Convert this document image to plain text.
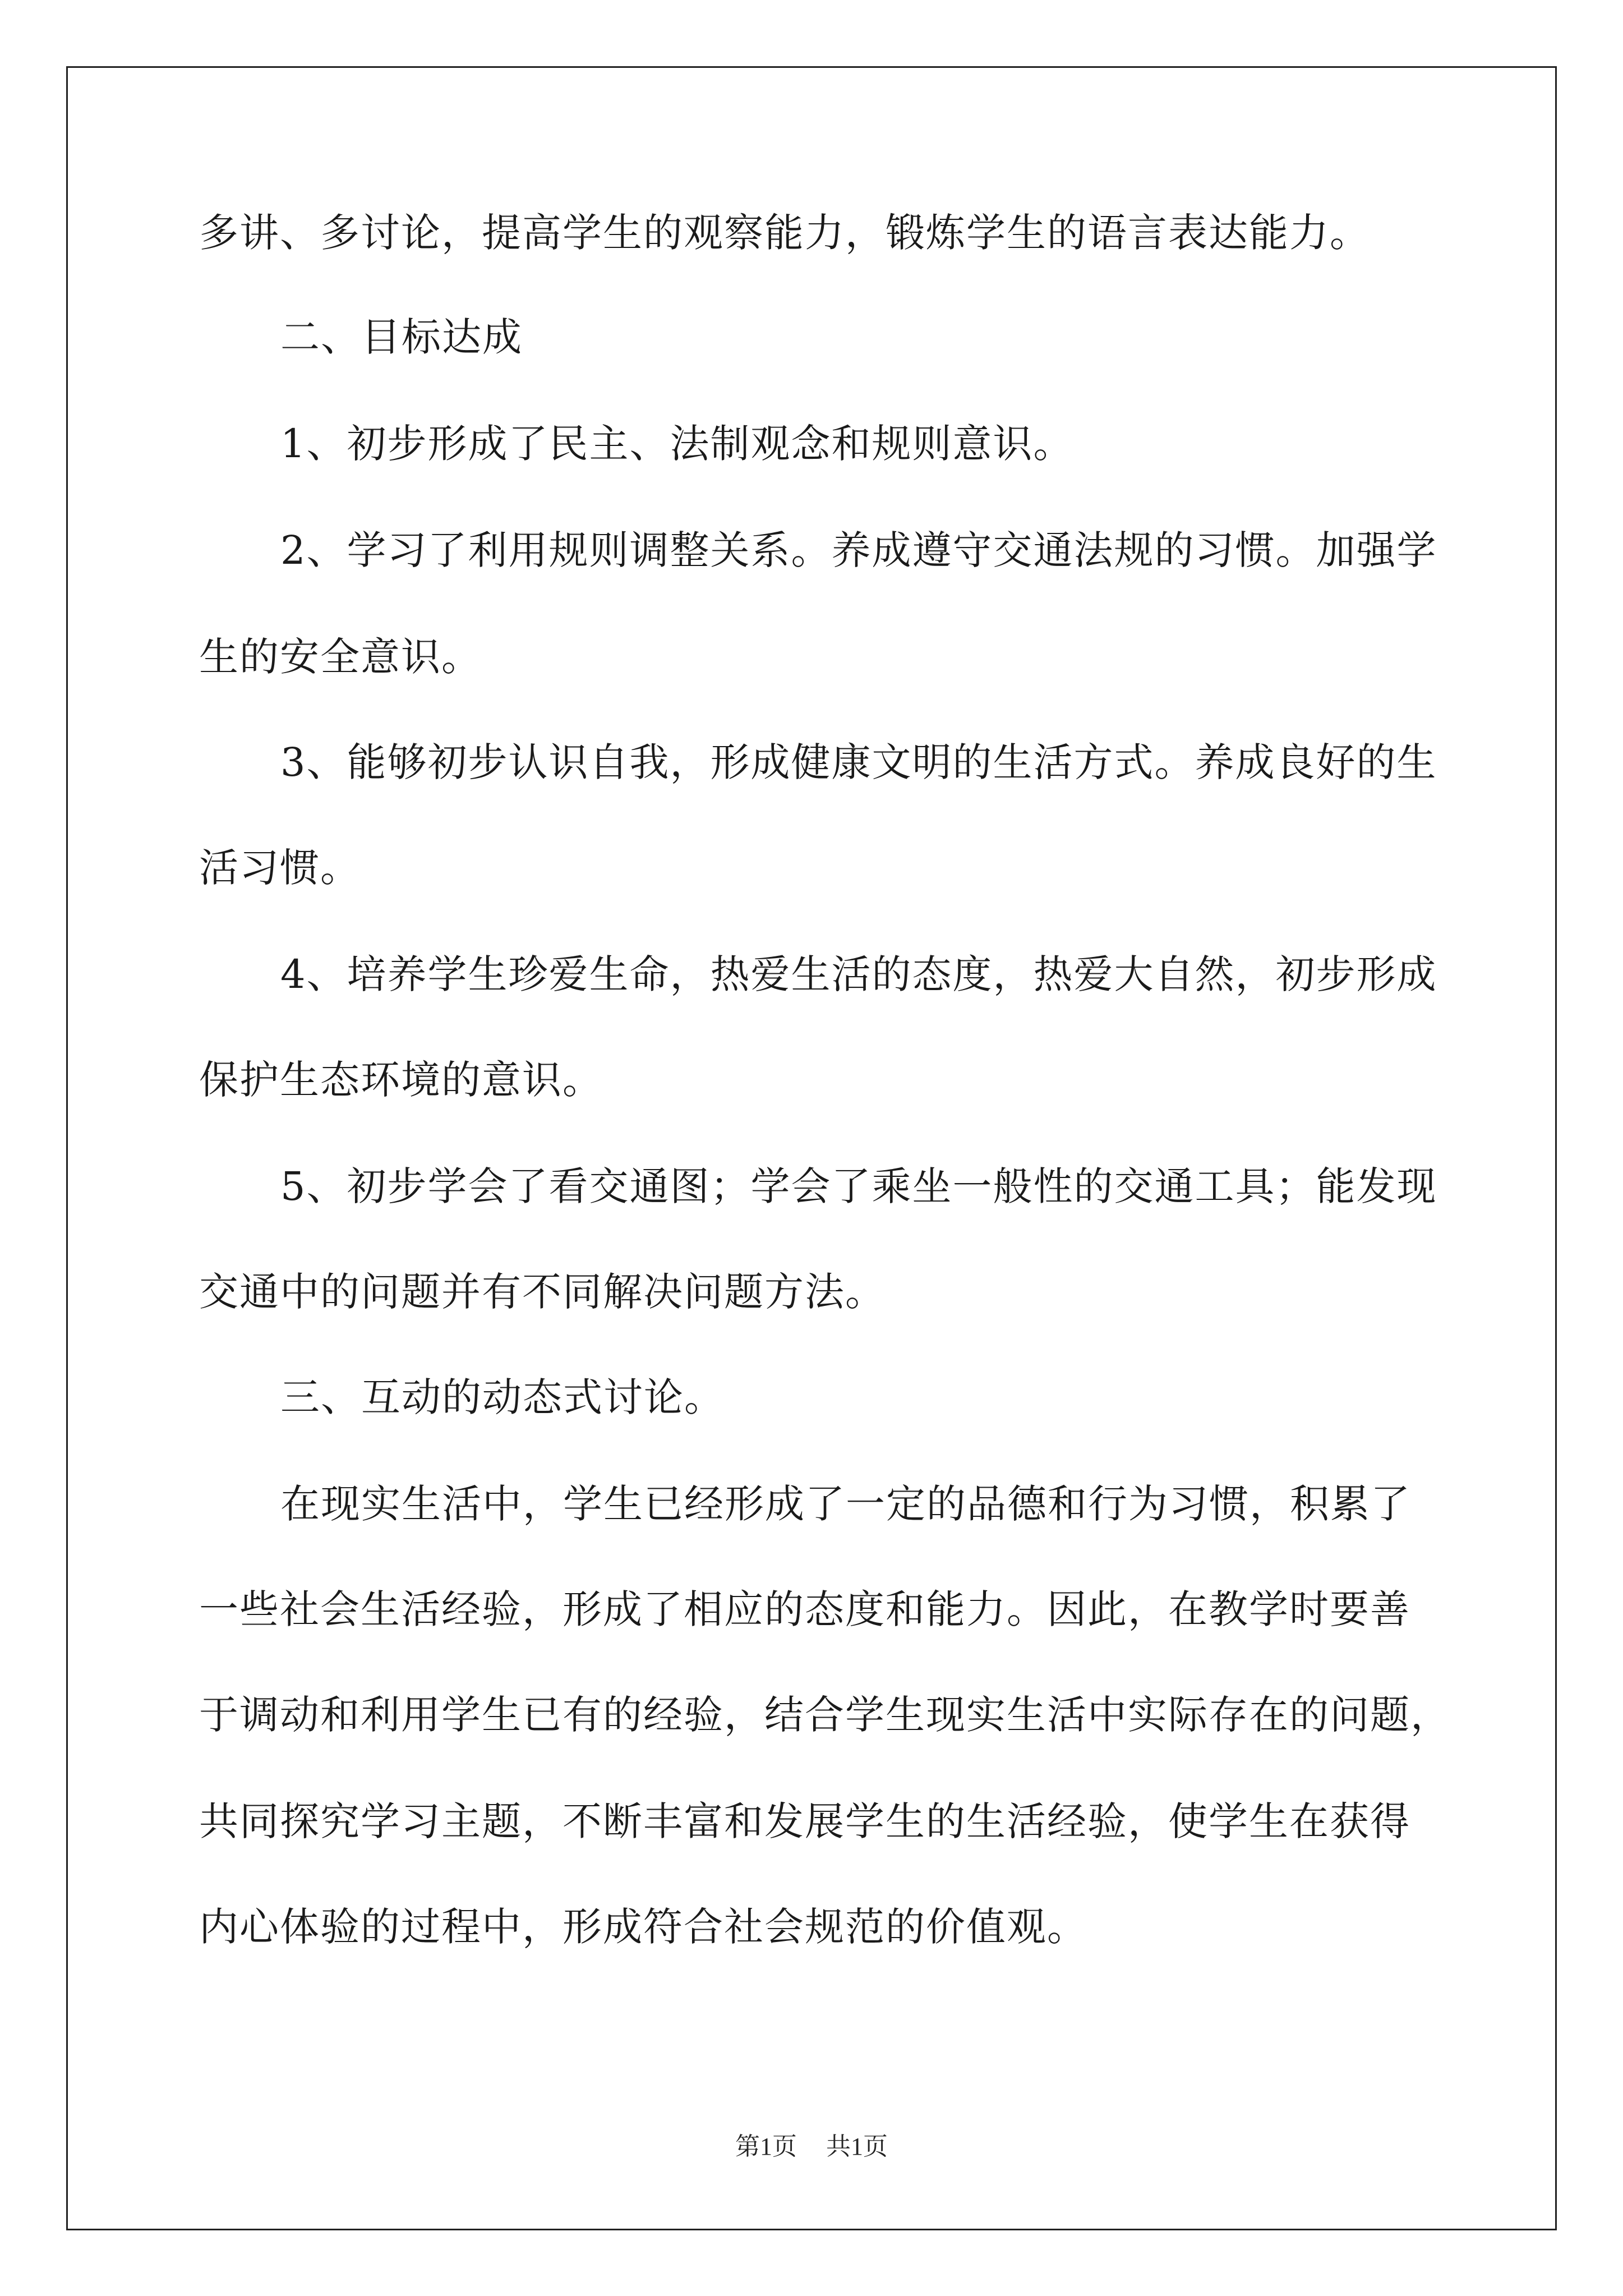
多讲、多讨论，提高学生的观察能力，锻炼学生的语言表达能力。
二、目标达成
1、初步形成了民主、法制观念和规则意识。
2、学习了利用规则调整关系。养成遵守交通法规的习惯。加强学
生的安全意识。
3、能够初步认识自我，形成健康文明的生活方式。养成良好的生
活习惯。
4、培养学生珍爱生命，热爱生活的态度，热爱大自然，初步形成
保护生态环境的意识。
5、初步学会了看交通图；学会了乘坐一般性的交通工具；能发现
交通中的问题并有不同解决问题方法。
三、互动的动态式讨论。
在现实生活中，学生已经形成了一定的品德和行为习惯，积累了
一些社会生活经验，形成了相应的态度和能力。因此，在教学时要善
于调动和利用学生已有的经验，结合学生现实生活中实际存在的问题，
共同探究学习主题，不断丰富和发展学生的生活经验，使学生在获得
内心体验的过程中，形成符合社会规范的价值观。
第1页 共1页
